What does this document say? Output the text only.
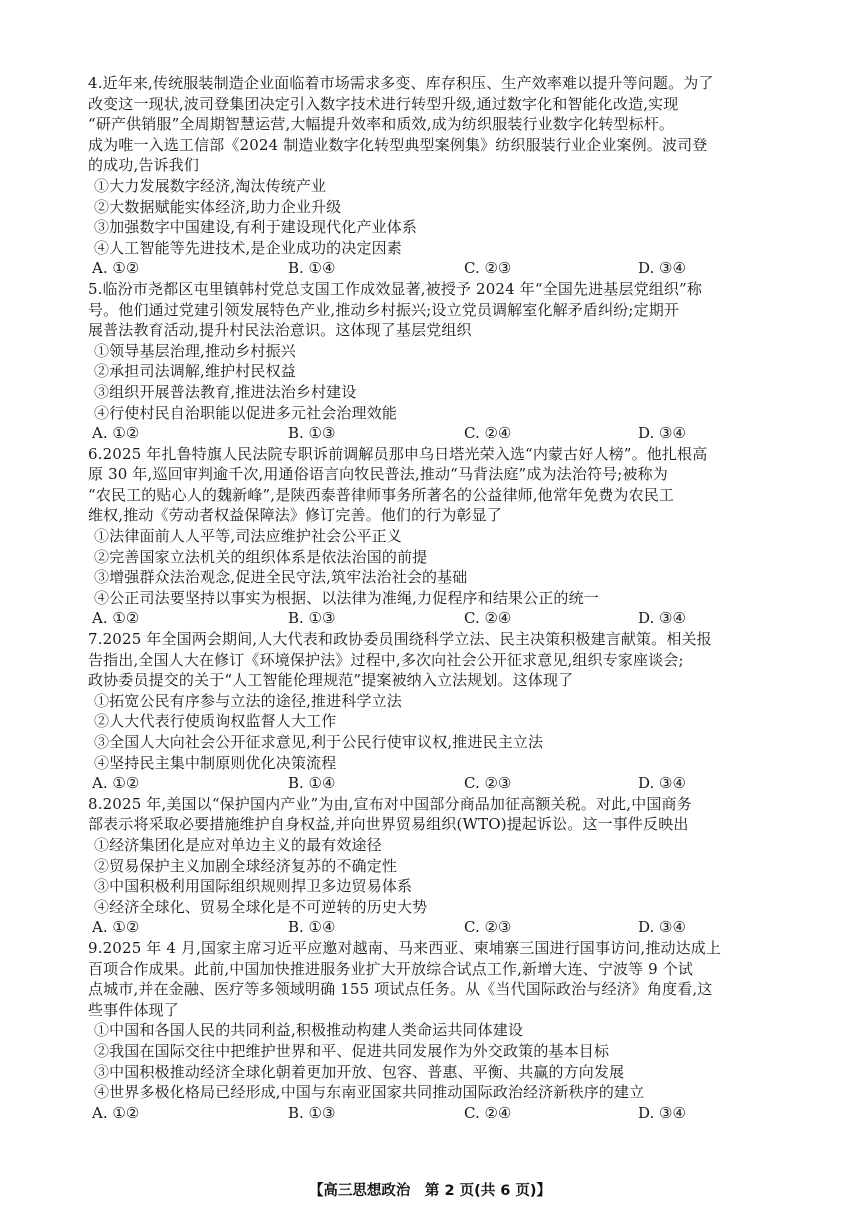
4.近年来,传统服装制造企业面临着市场需求多变、库存积压、生产效率难以提升等问题。为了
改变这一现状,波司登集团决定引入数字技术进行转型升级,通过数字化和智能化改造,实现
“研产供销服”全周期智慧运营,大幅提升效率和质效,成为纺织服装行业数字化转型标杆。
成为唯一入选工信部《2024 制造业数字化转型典型案例集》纺织服装行业企业案例。波司登
的成功,告诉我们
①大力发展数字经济,淘汰传统产业
②大数据赋能实体经济,助力企业升级
③加强数字中国建设,有利于建设现代化产业体系
④人工智能等先进技术,是企业成功的决定因素
A. ①②	B. ①④	C. ②③	D. ③④
5.临汾市尧都区屯里镇韩村党总支国工作成效显著,被授予 2024 年“全国先进基层党组织”称
号。他们通过党建引领发展特色产业,推动乡村振兴;设立党员调解室化解矛盾纠纷;定期开
展普法教育活动,提升村民法治意识。这体现了基层党组织
①领导基层治理,推动乡村振兴
②承担司法调解,维护村民权益
③组织开展普法教育,推进法治乡村建设
④行使村民自治职能以促进多元社会治理效能
A. ①②	B. ①③	C. ②④	D. ③④
6.2025 年扎鲁特旗人民法院专职诉前调解员那申乌日塔光荣入选“内蒙古好人榜”。他扎根高
原 30 年,巡回审判逾千次,用通俗语言向牧民普法,推动“马背法庭”成为法治符号;被称为
“农民工的贴心人的魏新峰”,是陕西泰普律师事务所著名的公益律师,他常年免费为农民工
维权,推动《劳动者权益保障法》修订完善。他们的行为彰显了
①法律面前人人平等,司法应维护社会公平正义
②完善国家立法机关的组织体系是依法治国的前提
③增强群众法治观念,促进全民守法,筑牢法治社会的基础
④公正司法要坚持以事实为根据、以法律为准绳,力促程序和结果公正的统一
A. ①②	B. ①③	C. ②④	D. ③④
7.2025 年全国两会期间,人大代表和政协委员围绕科学立法、民主决策积极建言献策。相关报
告指出,全国人大在修订《环境保护法》过程中,多次向社会公开征求意见,组织专家座谈会;
政协委员提交的关于“人工智能伦理规范”提案被纳入立法规划。这体现了
①拓宽公民有序参与立法的途径,推进科学立法
②人大代表行使质询权监督人大工作
③全国人大向社会公开征求意见,利于公民行使审议权,推进民主立法
④坚持民主集中制原则优化决策流程
A. ①②	B. ①④	C. ②③	D. ③④
8.2025 年,美国以“保护国内产业”为由,宣布对中国部分商品加征高额关税。对此,中国商务
部表示将采取必要措施维护自身权益,并向世界贸易组织(WTO)提起诉讼。这一事件反映出
①经济集团化是应对单边主义的最有效途径
②贸易保护主义加剧全球经济复苏的不确定性
③中国积极利用国际组织规则捍卫多边贸易体系
④经济全球化、贸易全球化是不可逆转的历史大势
A. ①②	B. ①④	C. ②③	D. ③④
9.2025 年 4 月,国家主席习近平应邀对越南、马来西亚、柬埔寨三国进行国事访问,推动达成上
百项合作成果。此前,中国加快推进服务业扩大开放综合试点工作,新增大连、宁波等 9 个试
点城市,并在金融、医疗等多领域明确 155 项试点任务。从《当代国际政治与经济》角度看,这
些事件体现了
①中国和各国人民的共同利益,积极推动构建人类命运共同体建设
②我国在国际交往中把维护世界和平、促进共同发展作为外交政策的基本目标
③中国积极推动经济全球化朝着更加开放、包容、普惠、平衡、共赢的方向发展
④世界多极化格局已经形成,中国与东南亚国家共同推动国际政治经济新秩序的建立
A. ①②	B. ①③	C. ②④	D. ③④
【高三思想政治　第 2 页(共 6 页)】
